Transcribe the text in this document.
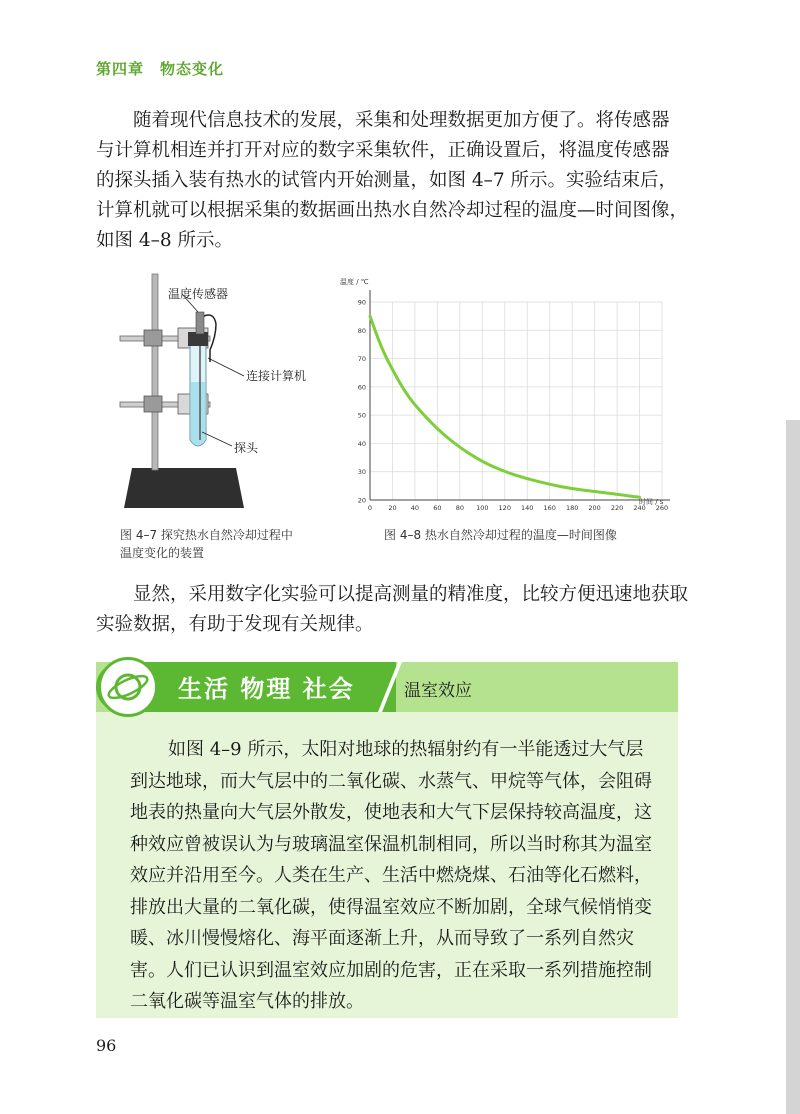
第四章　物态变化

随着现代信息技术的发展，采集和处理数据更加方便了。将传感器
与计算机相连并打开对应的数字采集软件，正确设置后，将温度传感器
的探头插入装有热水的试管内开始测量，如图 4–7 所示。实验结束后，
计算机就可以根据采集的数据画出热水自然冷却过程的温度—时间图像，
如图 4–8 所示。

温度传感器
连接计算机
探头
图 4–7 探究热水自然冷却过程中
温度变化的装置
0	20 40 60 80 100 120 140 160 180 200 220 240 260
20
30
40
50
60
70
80
90
温度 / ℃
时间 / s
图 4–8 热水自然冷却过程的温度—时间图像

显然，采用数字化实验可以提高测量的精准度，比较方便迅速地获取
实验数据，有助于发现有关规律。

生活 物理 社会	温室效应

如图 4–9 所示，太阳对地球的热辐射约有一半能透过大气层
到达地球，而大气层中的二氧化碳、水蒸气、甲烷等气体，会阻碍
地表的热量向大气层外散发，使地表和大气下层保持较高温度，这
种效应曾被误认为与玻璃温室保温机制相同，所以当时称其为温室
效应并沿用至今。人类在生产、生活中燃烧煤、石油等化石燃料，
排放出大量的二氧化碳，使得温室效应不断加剧，全球气候悄悄变
暖、冰川慢慢熔化、海平面逐渐上升，从而导致了一系列自然灾
害。人们已认识到温室效应加剧的危害，正在采取一系列措施控制
二氧化碳等温室气体的排放。

96
